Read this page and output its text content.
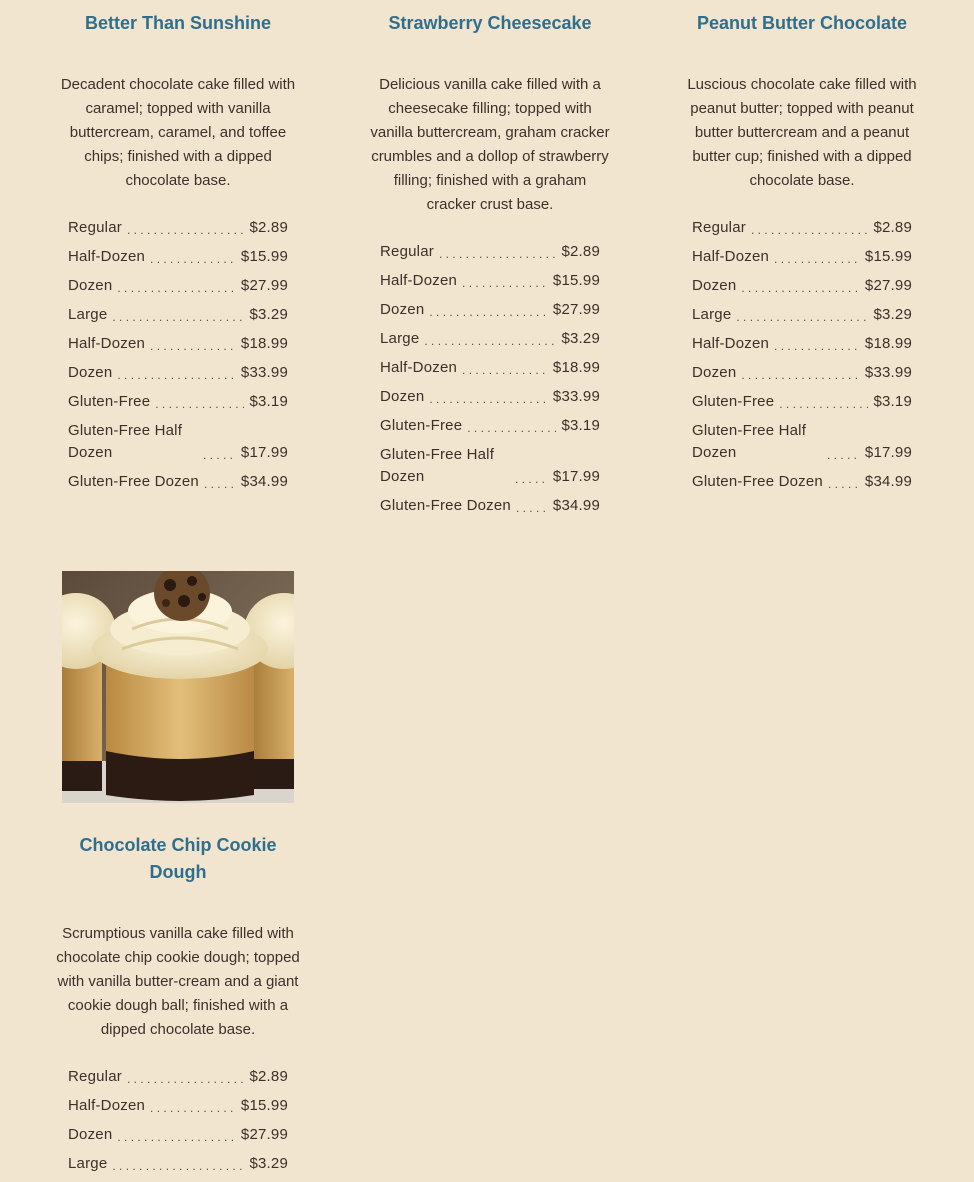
Better Than Sunshine

Decadent chocolate cake filled with caramel; topped with vanilla buttercream, caramel, and toffee chips; finished with a dipped chocolate base.

Regular . . .	$2.89
Half-Dozen . . .	$15.99
Dozen . . .	$27.99
Large . . .	$3.29
Half-Dozen . . .	$18.99
Dozen . . .	$33.99
Gluten-Free . . .	$3.19
Gluten-Free Half Dozen . . .	$17.99
Gluten-Free Dozen . . .	$34.99
Strawberry Cheesecake

Delicious vanilla cake filled with a cheesecake filling; topped with vanilla buttercream, graham cracker crumbles and a dollop of strawberry filling; finished with a graham cracker crust base.

Regular . . .	$2.89
Half-Dozen . . .	$15.99
Dozen . . .	$27.99
Large . . .	$3.29
Half-Dozen . . .	$18.99
Dozen . . .	$33.99
Gluten-Free . . .	$3.19
Gluten-Free Half Dozen . . .	$17.99
Gluten-Free Dozen . . .	$34.99
Peanut Butter Chocolate

Luscious chocolate cake filled with peanut butter; topped with peanut butter buttercream and a peanut butter cup; finished with a dipped chocolate base.

Regular . . .	$2.89
Half-Dozen . . .	$15.99
Dozen . . .	$27.99
Large . . .	$3.29
Half-Dozen . . .	$18.99
Dozen . . .	$33.99
Gluten-Free . . .	$3.19
Gluten-Free Half Dozen . . .	$17.99
Gluten-Free Dozen . . .	$34.99
Chocolate Chip Cookie Dough

Scrumptious vanilla cake filled with chocolate chip cookie dough; topped with vanilla butter-cream and a giant cookie dough ball; finished with a dipped chocolate base.

Regular . . .	$2.89
Half-Dozen . . .	$15.99
Dozen . . .	$27.99
Large . . .	$3.29
